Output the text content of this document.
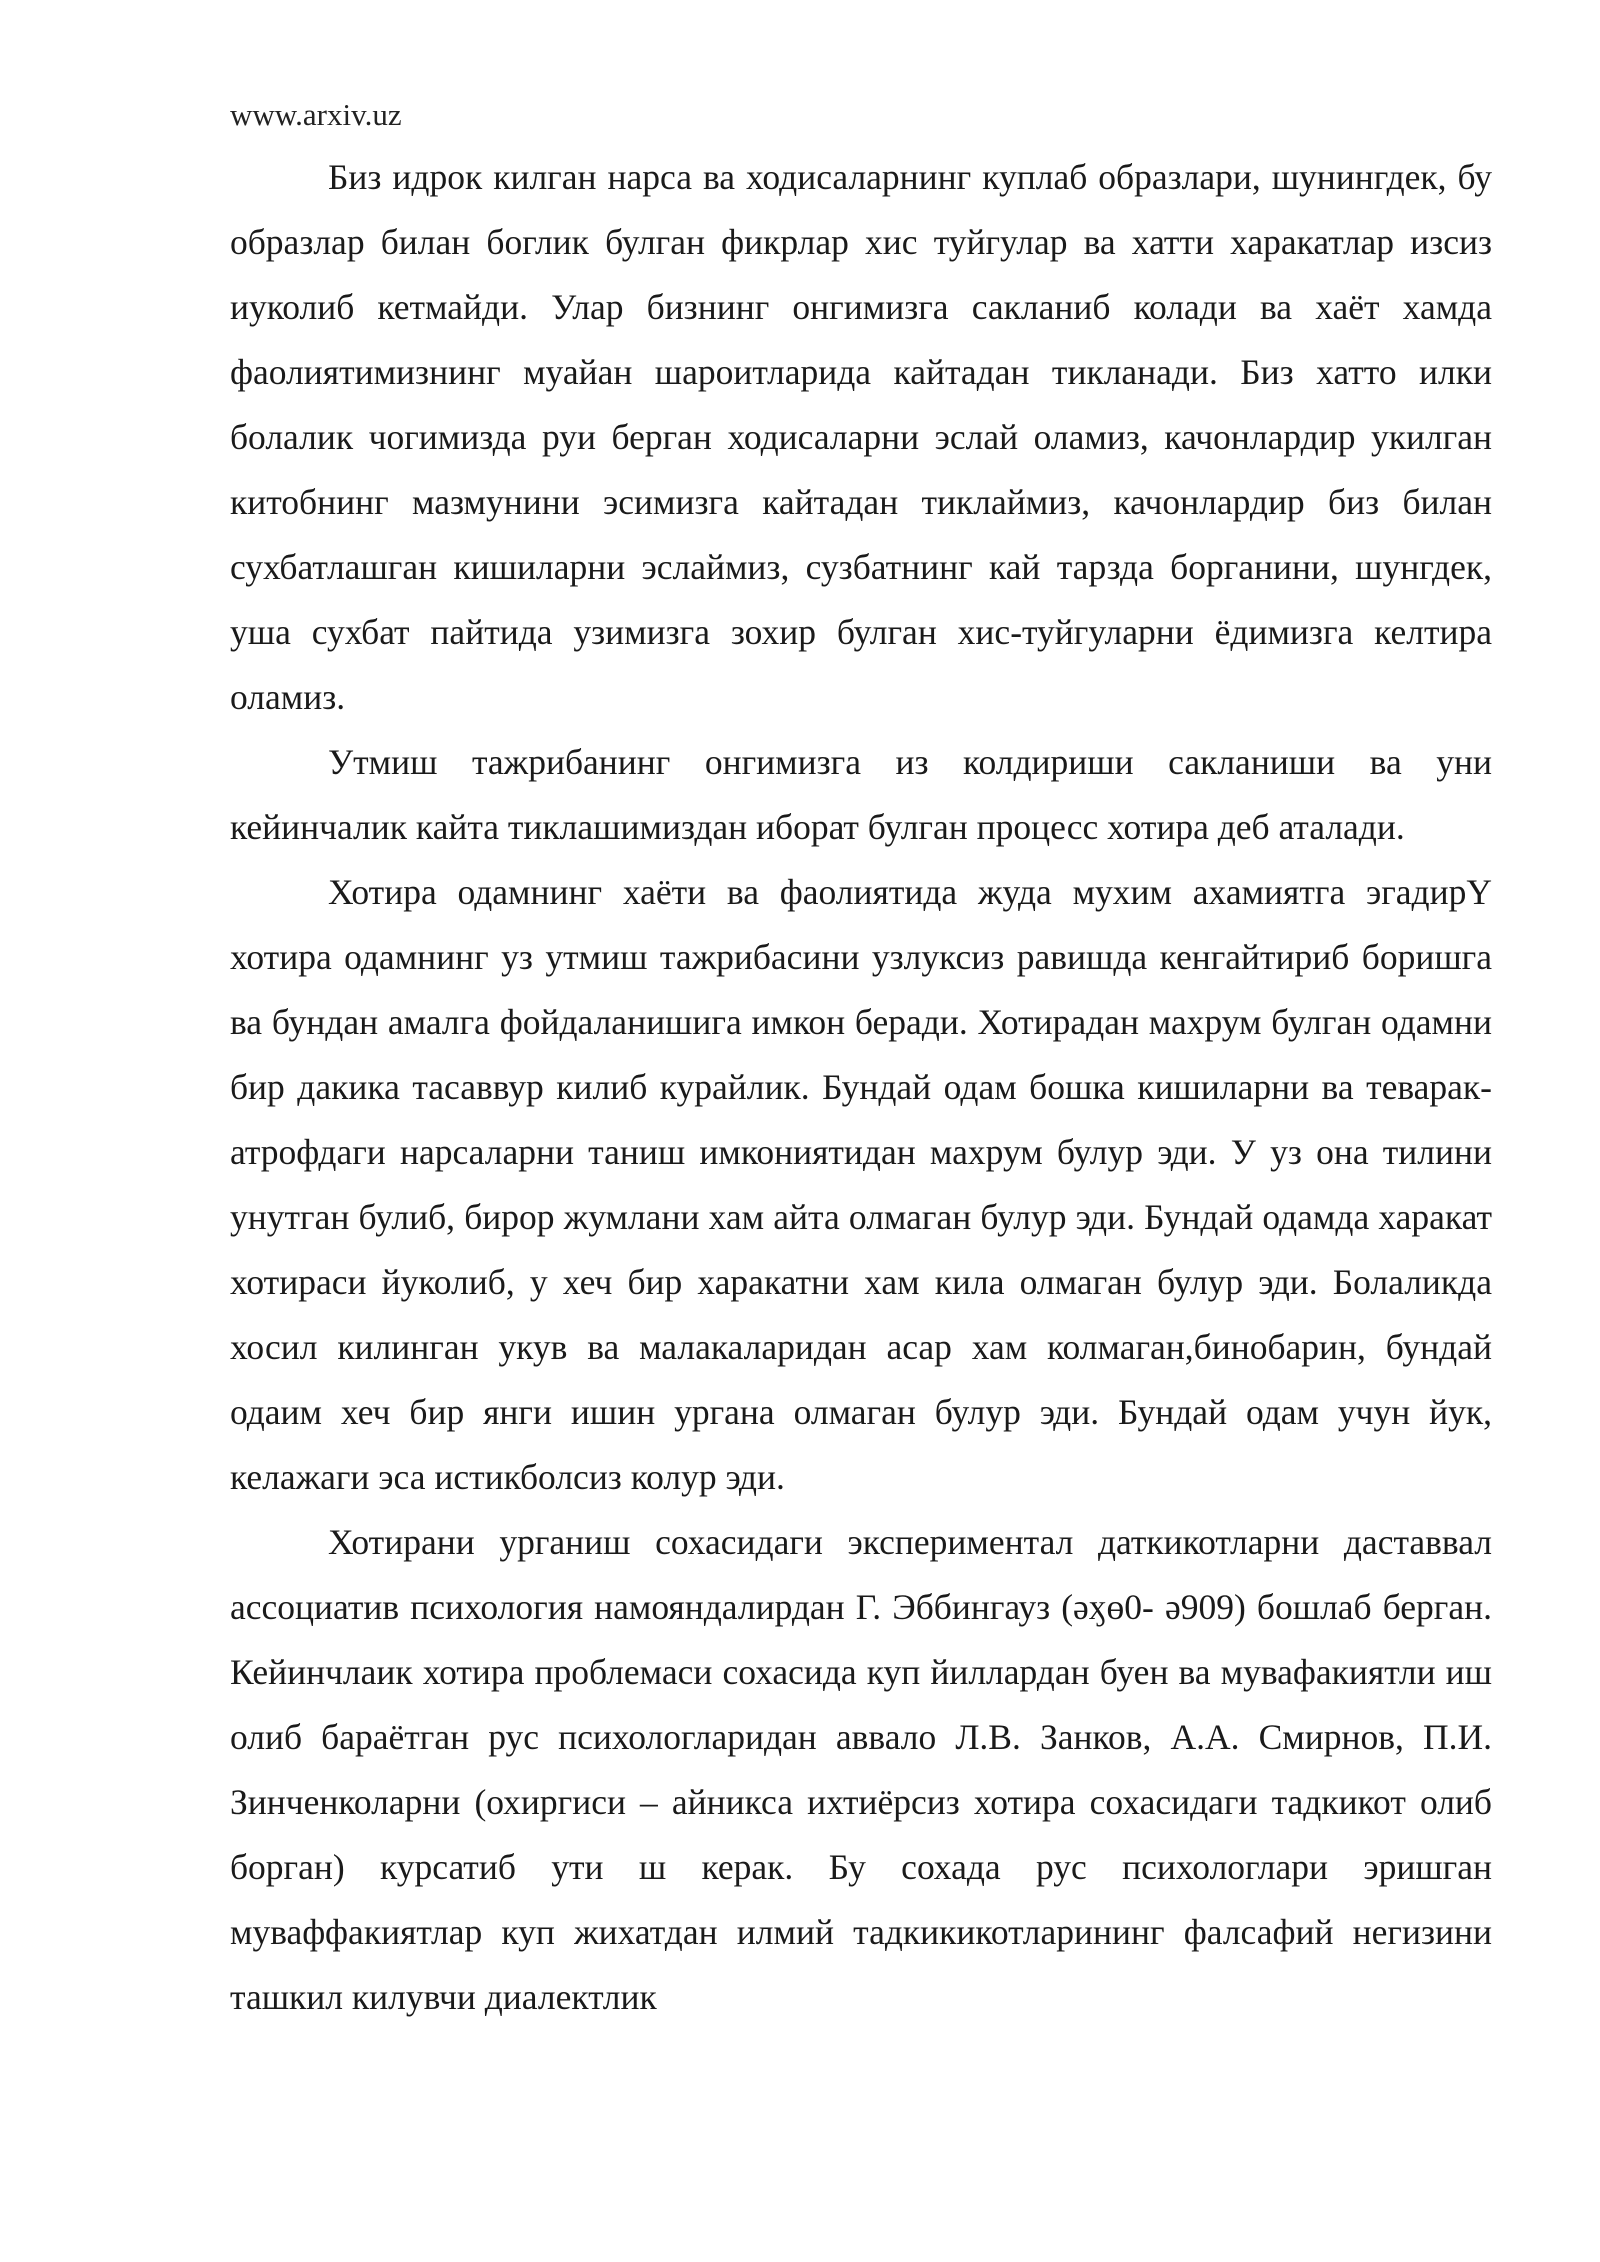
www.arxiv.uz

Биз идрок килган нарса ва ходисаларнинг куплаб образлари, шунингдек, бу образлар билан боглик булган фикрлар хис туйгулар ва хатти харакатлар изсиз иуколиб кетмайди. Улар бизнинг онгимизга сакланиб колади ва хаёт хамда фаолиятимизнинг муайан шароитларида кайтадан тикланади. Биз хатто илки болалик чогимизда руи берган ходисаларни эслай оламиз, качонлардир укилган китобнинг мазмунини эсимизга кайтадан тиклаймиз, качонлардир биз билан сухбатлашган кишиларни эслаймиз, сузбатнинг кай тарзда борганини, шунгдек, уша сухбат пайтида узимизга зохир булган хис-туйгуларни ёдимизга келтира оламиз.

Утмиш тажрибанинг онгимизга из колдириши сакланиши ва уни кейинчалик кайта тиклашимиздан иборат булган процесс хотира деб аталади.

Хотира одамнинг хаёти ва фаолиятида жуда мухим ахамиятга эгадирҮ хотира одамнинг уз утмиш тажрибасини узлуксиз равишда кенгайтириб боришга ва бундан амалга фойдаланишига имкон беради. Хотирадан махрум булган одамни бир дакика тасаввур килиб курайлик. Бундай одам бошка кишиларни ва теварак-атрофдаги нарсаларни таниш имкониятидан махрум булур эди. У уз она тилини унутган булиб, бирор жумлани хам айта олмаган булур эди. Бундай одамда харакат хотираси йуколиб, у хеч бир харакатни хам кила олмаган булур эди. Болаликда хосил килинган укув ва малакаларидан асар хам колмаган,бинобарин, бундай одаим хеч бир янги ишин ургана олмаган булур эди. Бундай одам учун йук, келажаги эса истикболсиз колур эди.

Хотирани урганиш сохасидаги экспериментал даткикотларни даставвал ассоциатив психология намояндалирдан Г. Эббингауз (əӽɵ0- ə909) бошлаб берган. Кейинчлаик хотира проблемаси сохасида куп йиллардан буен ва мувафакиятли иш олиб бараётган рус психологларидан аввало Л.В. Занков, А.А. Смирнов, П.И. Зинченколарни (охиргиси – айникса ихтиёрсиз хотира сохасидаги тадкикот олиб борган) курсатиб ути ш керак. Бу сохада рус психологлари эришган муваффакиятлар куп жихатдан илмий тадкикикотларининг фалсафий негизини ташкил килувчи диалектлик
